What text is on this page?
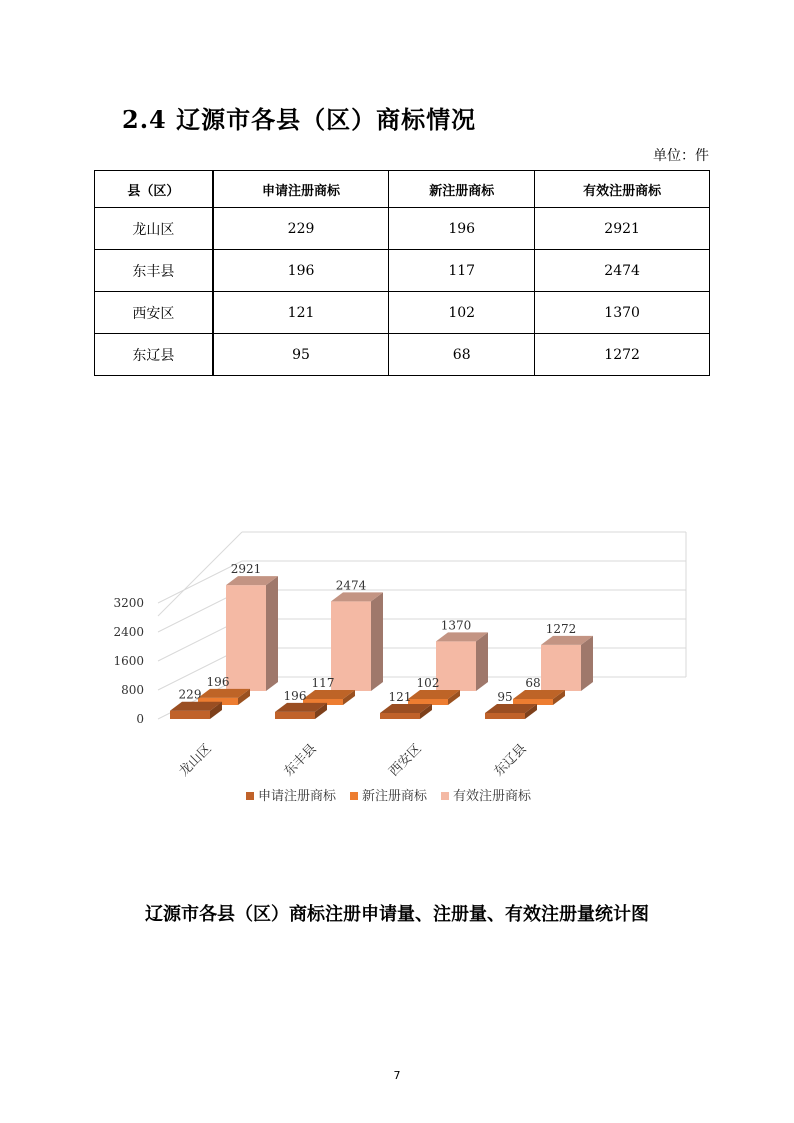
2.4 辽源市各县（区）商标情况
单位：件
县（区）	申请注册商标	新注册商标	有效注册商标
龙山区	229	196	2921
东丰县	196	117	2474
西安区	121	102	1370
东辽县	95	68	1272
0
800
1600
2400
3200
2921
2474
1370	1272
196	117	102	68
229	196	121	95
龙山区	东丰县	西安区	东辽县
申请注册商标 新注册商标 有效注册商标
辽源市各县（区）商标注册申请量、注册量、有效注册量统计图
7
